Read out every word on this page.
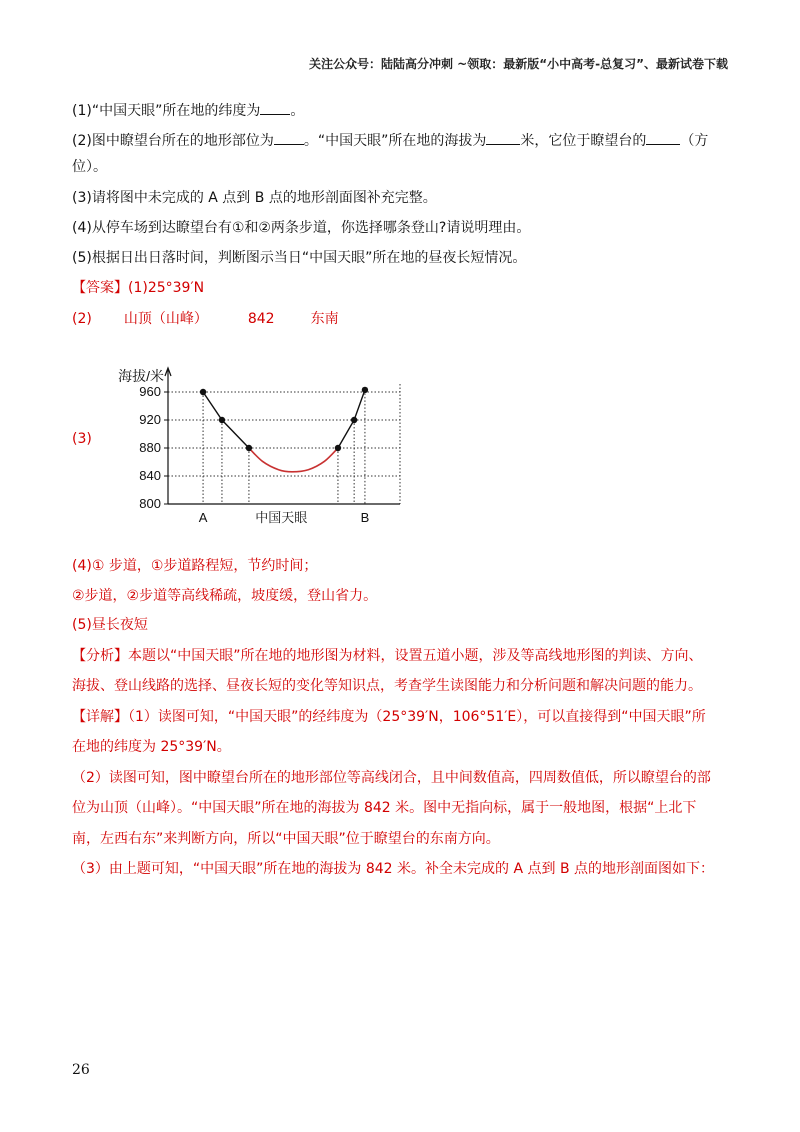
关注公众号：陆陆高分冲刺 ~领取：最新版“小中高考-总复习”、最新试卷下载
(1)“中国天眼”所在地的纬度为 。
(2)图中瞭望台所在的地形部位为 。“中国天眼”所在地的海拔为 米，它位于瞭望台的 （方
位）。
(3)请将图中未完成的 A 点到 B 点的地形剖面图补充完整。
(4)从停车场到达瞭望台有①和②两条步道，你选择哪条登山?请说明理由。
(5)根据日出日落时间，判断图示当日“中国天眼”所在地的昼夜长短情况。
【答案】(1)25°39′N
(2) 山顶（山峰）	842	东南
(3)
800
840
880
920
960
海拔/米
A	中国天眼	B
(4)① 步道，①步道路程短，节约时间；
②步道，②步道等高线稀疏，坡度缓，登山省力。
(5)昼长夜短
【分析】本题以“中国天眼”所在地的地形图为材料，设置五道小题，涉及等高线地形图的判读、方向、
海拔、登山线路的选择、昼夜长短的变化等知识点，考查学生读图能力和分析问题和解决问题的能力。
【详解】（1）读图可知，“中国天眼”的经纬度为（25°39′N，106°51′E），可以直接得到“中国天眼”所
在地的纬度为 25°39′N。
（2）读图可知，图中瞭望台所在的地形部位等高线闭合，且中间数值高，四周数值低，所以瞭望台的部
位为山顶（山峰）。“中国天眼”所在地的海拔为 842 米。图中无指向标，属于一般地图，根据“上北下
南，左西右东”来判断方向，所以“中国天眼”位于瞭望台的东南方向。
（3）由上题可知，“中国天眼”所在地的海拔为 842 米。补全未完成的 A 点到 B 点的地形剖面图如下：
26
